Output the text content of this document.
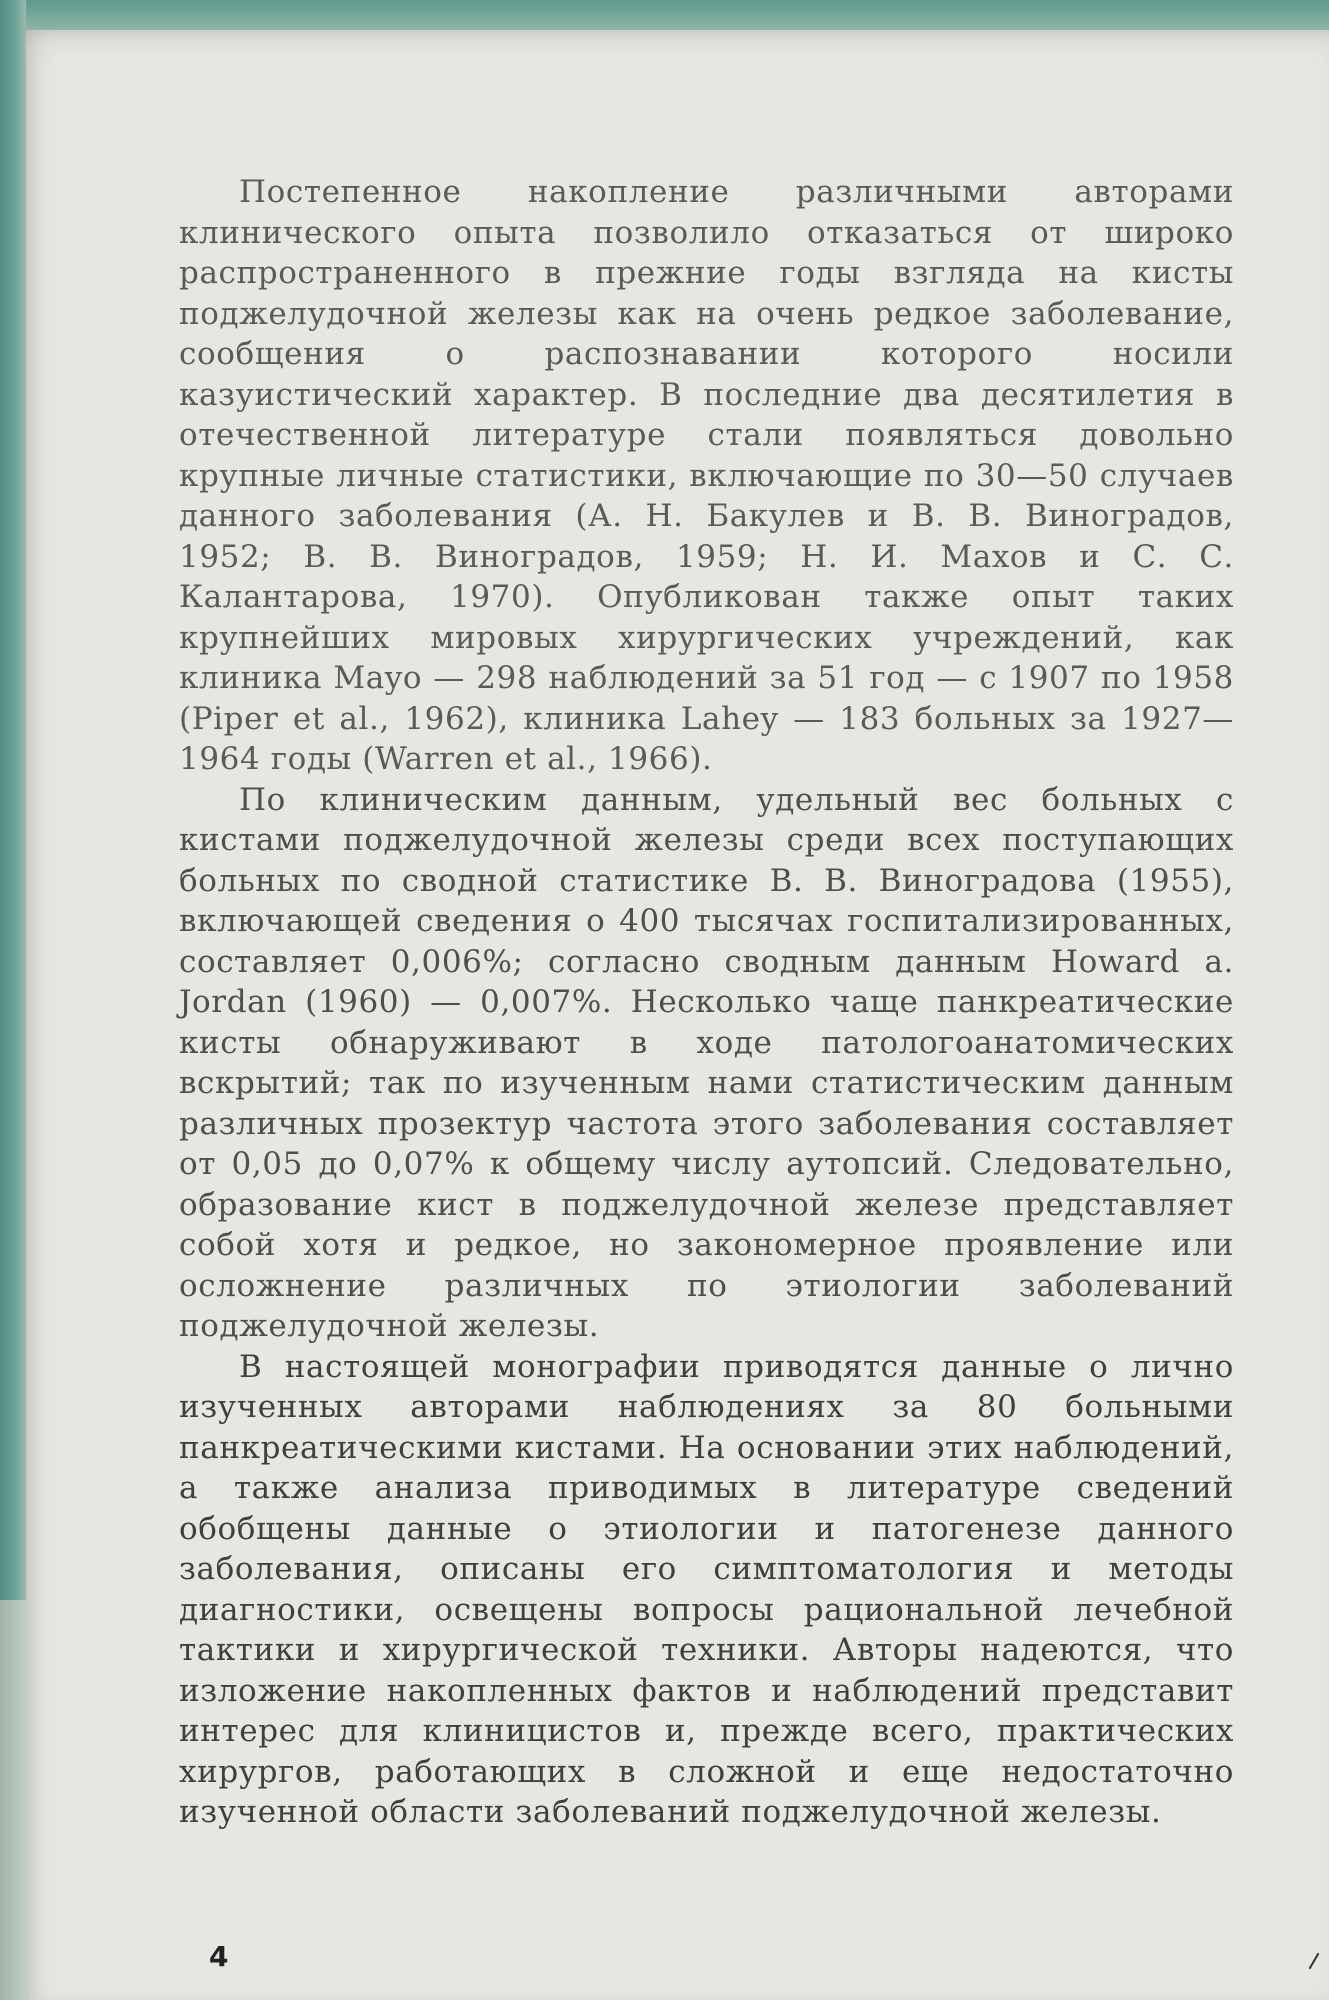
Постепенное накопление различными авторами клинического опыта позволило отказаться от широко распространенного в прежние годы взгляда на кисты поджелудочной железы как на очень редкое заболевание, сообщения о распознавании которого носили казуистический характер. В последние два десятилетия в отечественной литературе стали появляться довольно крупные личные статистики, включающие по 30—50 случаев данного заболевания (А. Н. Бакулев и В. В. Виноградов, 1952; В. В. Виноградов, 1959; Н. И. Махов и С. С. Калантарова, 1970). Опубликован также опыт таких крупнейших мировых хирургических учреждений, как клиника Mayo — 298 наблюдений за 51 год — с 1907 по 1958 (Piper et al., 1962), клиника Lahey — 183 больных за 1927—1964 годы (Warren et al., 1966).

По клиническим данным, удельный вес больных с кистами поджелудочной железы среди всех поступающих больных по сводной статистике В. В. Виноградова (1955), включающей сведения о 400 тысячах госпитализированных, составляет 0,006%; согласно сводным данным Howard a. Jordan (1960) — 0,007%. Несколько чаще панкреатические кисты обнаруживают в ходе патологоанатомических вскрытий; так по изученным нами статистическим данным различных прозектур частота этого заболевания составляет от 0,05 до 0,07% к общему числу аутопсий. Следовательно, образование кист в поджелудочной железе представляет собой хотя и редкое, но закономерное проявление или осложнение различных по этиологии заболеваний поджелудочной железы.

В настоящей монографии приводятся данные о лично изученных авторами наблюдениях за 80 больными панкреатическими кистами. На основании этих наблюдений, а также анализа приводимых в литературе сведений обобщены данные о этиологии и патогенезе данного заболевания, описаны его симптоматология и методы диагностики, освещены вопросы рациональной лечебной тактики и хирургической техники. Авторы надеются, что изложение накопленных фактов и наблюдений представит интерес для клиницистов и, прежде всего, практических хирургов, работающих в сложной и еще недостаточно изученной области заболеваний поджелудочной железы.

4
